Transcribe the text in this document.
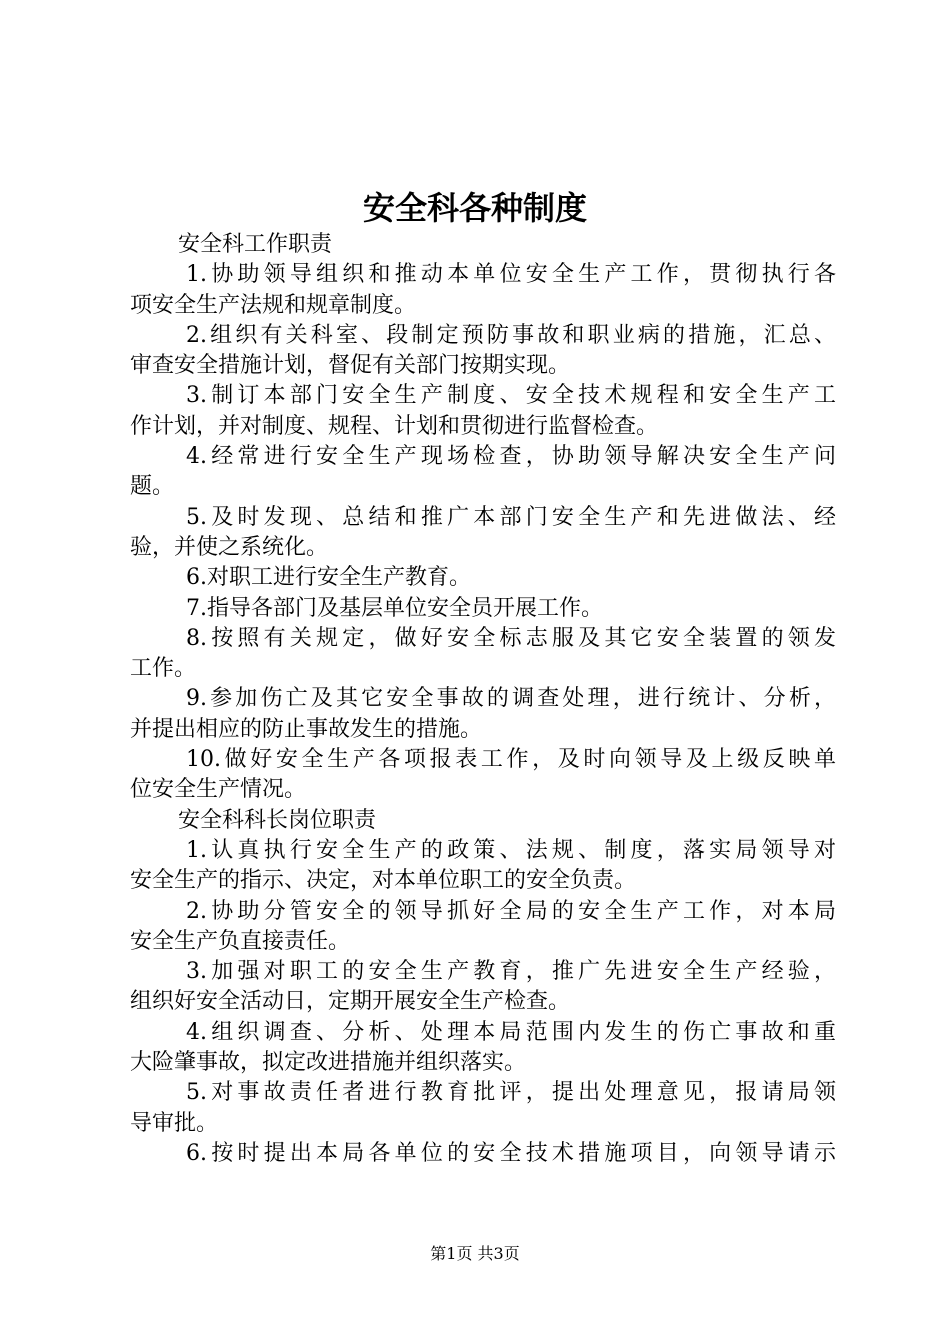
安全科各种制度
安全科工作职责
1.协助领导组织和推动本单位安全生产工作，贯彻执行各
项安全生产法规和规章制度。
2.组织有关科室、段制定预防事故和职业病的措施，汇总、
审查安全措施计划，督促有关部门按期实现。
3.制订本部门安全生产制度、安全技术规程和安全生产工
作计划，并对制度、规程、计划和贯彻进行监督检查。
4.经常进行安全生产现场检查，协助领导解决安全生产问
题。
5.及时发现、总结和推广本部门安全生产和先进做法、经
验，并使之系统化。
6.对职工进行安全生产教育。
7.指导各部门及基层单位安全员开展工作。
8.按照有关规定，做好安全标志服及其它安全装置的领发
工作。
9.参加伤亡及其它安全事故的调查处理，进行统计、分析，
并提出相应的防止事故发生的措施。
10.做好安全生产各项报表工作，及时向领导及上级反映单
位安全生产情况。
安全科科长岗位职责
1.认真执行安全生产的政策、法规、制度，落实局领导对
安全生产的指示、决定，对本单位职工的安全负责。
2.协助分管安全的领导抓好全局的安全生产工作，对本局
安全生产负直接责任。
3.加强对职工的安全生产教育，推广先进安全生产经验，
组织好安全活动日，定期开展安全生产检查。
4.组织调查、分析、处理本局范围内发生的伤亡事故和重
大险肇事故，拟定改进措施并组织落实。
5.对事故责任者进行教育批评，提出处理意见，报请局领
导审批。
6.按时提出本局各单位的安全技术措施项目，向领导请示
第1页 共3页
